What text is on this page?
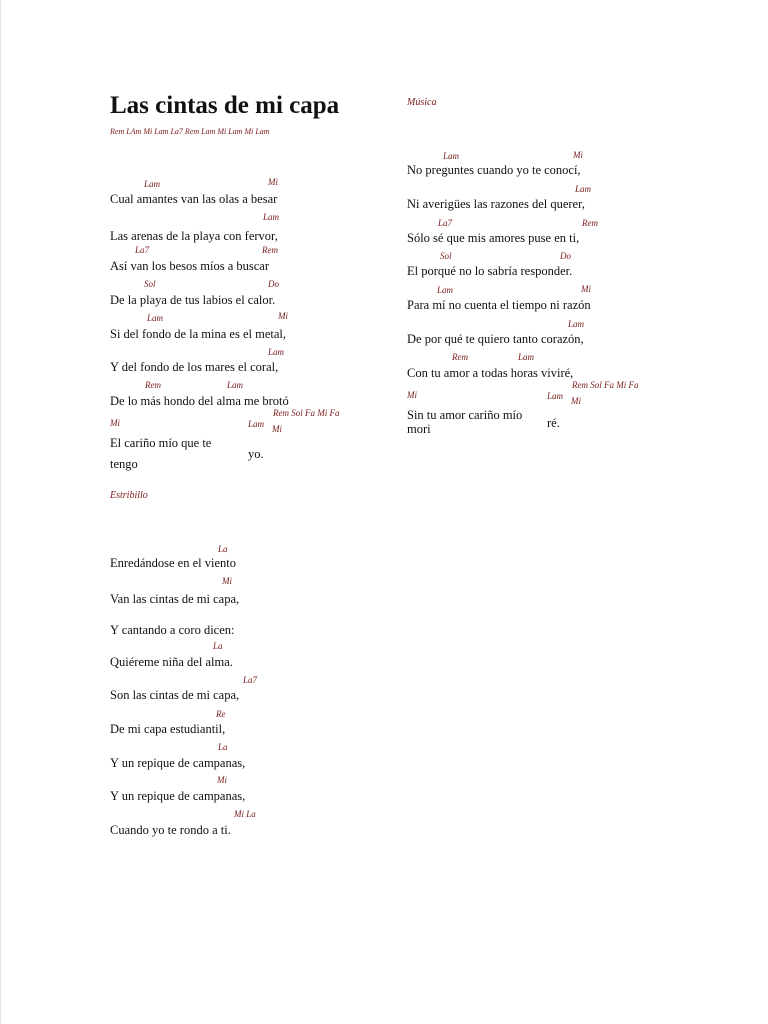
Las cintas de mi capa
Rem LAm Mi Lam La7 Rem Lam Mi Lam Mi Lam
Lam	Mi
Cual amantes van las olas a besar
Lam
Las arenas de la playa con fervor,
La7	Rem
Así van los besos míos a buscar
Sol	Do
De la playa de tus labios el calor.
Lam	Mi
Si del fondo de la mina es el metal,
Lam
Y del fondo de los mares el coral,
Rem	Lam
De lo más hondo del alma me brotó
Rem Sol Fa Mi Fa
Mi	Lam Mi
El cariño mío que te
yo.
tengo
Estribillo
La
Enredándose en el viento
Mi
Van las cintas de mi capa,
Y cantando a coro dicen:
La
Quiéreme niña del alma.
La7
Son las cintas de mi capa,
Re
De mi capa estudiantil,
La
Y un repique de campanas,
Mi
Y un repique de campanas,
Mi La
Cuando yo te rondo a ti.
Música
Lam	Mi
No preguntes cuando yo te conocí,
Lam
Ni averigües las razones del querer,
La7	Rem
Sólo sé que mis amores puse en ti,
Sol	Do
El porqué no lo sabría responder.
Lam	Mi
Para mí no cuenta el tiempo ni razón
Lam
De por qué te quiero tanto corazón,
Rem	Lam
Con tu amor a todas horas viviré,
Rem Sol Fa Mi Fa
Mi	Lam Mi
Sin tu amor cariño mío
ré.
mori
